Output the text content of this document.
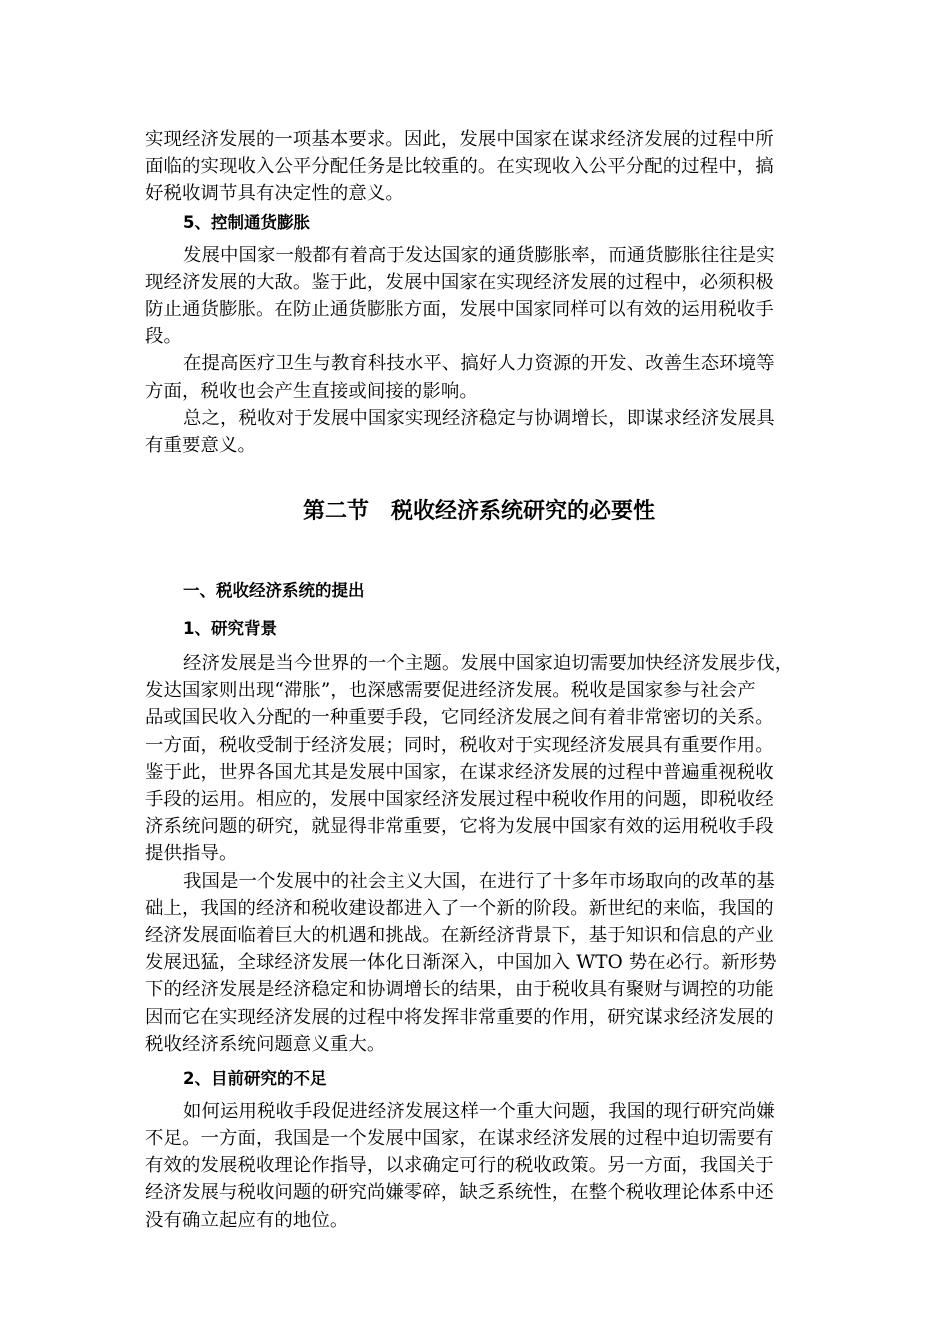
实现经济发展的一项基本要求。因此，发展中国家在谋求经济发展的过程中所
面临的实现收入公平分配任务是比较重的。在实现收入公平分配的过程中，搞
好税收调节具有决定性的意义。
5、控制通货膨胀
发展中国家一般都有着高于发达国家的通货膨胀率，而通货膨胀往往是实
现经济发展的大敌。鉴于此，发展中国家在实现经济发展的过程中，必须积极
防止通货膨胀。在防止通货膨胀方面，发展中国家同样可以有效的运用税收手
段。
在提高医疗卫生与教育科技水平、搞好人力资源的开发、改善生态环境等
方面，税收也会产生直接或间接的影响。
总之，税收对于发展中国家实现经济稳定与协调增长，即谋求经济发展具
有重要意义。
第二节　税收经济系统研究的必要性
一、税收经济系统的提出
1、研究背景
经济发展是当今世界的一个主题。发展中国家迫切需要加快经济发展步伐，
发达国家则出现“滞胀”，也深感需要促进经济发展。税收是国家参与社会产
品或国民收入分配的一种重要手段，它同经济发展之间有着非常密切的关系。
一方面，税收受制于经济发展；同时，税收对于实现经济发展具有重要作用。
鉴于此，世界各国尤其是发展中国家，在谋求经济发展的过程中普遍重视税收
手段的运用。相应的，发展中国家经济发展过程中税收作用的问题，即税收经
济系统问题的研究，就显得非常重要，它将为发展中国家有效的运用税收手段
提供指导。
我国是一个发展中的社会主义大国，在进行了十多年市场取向的改革的基
础上，我国的经济和税收建设都进入了一个新的阶段。新世纪的来临，我国的
经济发展面临着巨大的机遇和挑战。在新经济背景下，基于知识和信息的产业
发展迅猛，全球经济发展一体化日渐深入，中国加入 WTO 势在必行。新形势
下的经济发展是经济稳定和协调增长的结果，由于税收具有聚财与调控的功能
因而它在实现经济发展的过程中将发挥非常重要的作用，研究谋求经济发展的
税收经济系统问题意义重大。
2、目前研究的不足
如何运用税收手段促进经济发展这样一个重大问题，我国的现行研究尚嫌
不足。一方面，我国是一个发展中国家，在谋求经济发展的过程中迫切需要有
有效的发展税收理论作指导，以求确定可行的税收政策。另一方面，我国关于
经济发展与税收问题的研究尚嫌零碎，缺乏系统性，在整个税收理论体系中还
没有确立起应有的地位。
